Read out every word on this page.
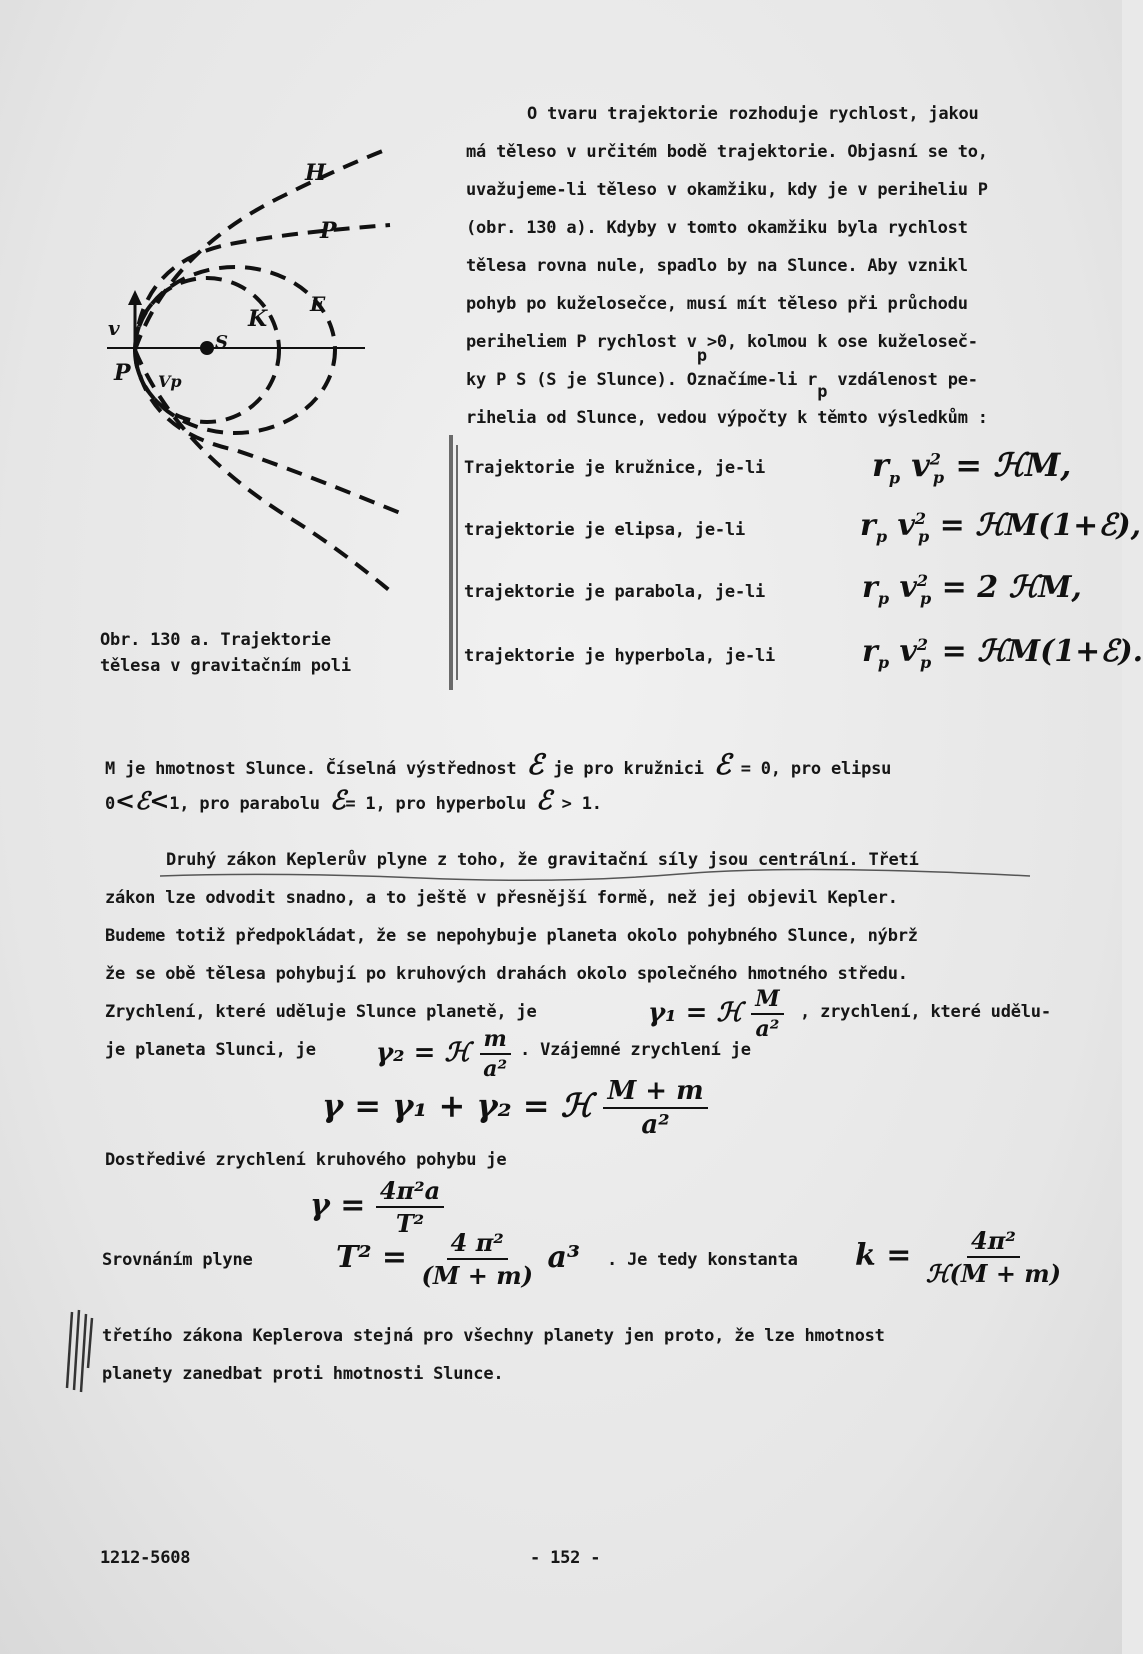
H
P
E
K
S
P
v
Vp
Obr. 130 a. Trajektorie
tělesa v gravitačním poli
O tvaru trajektorie rozhoduje rychlost, jakou
má těleso v určitém bodě trajektorie. Objasní se to,
uvažujeme-li těleso v okamžiku, kdy je v periheliu P
(obr. 130 a). Kdyby v tomto okamžiku byla rychlost
tělesa rovna nule, spadlo by na Slunce. Aby vznikl
pohyb po kuželosečce, musí mít těleso při průchodu
periheliem P rychlost vp>0, kolmou k ose kuželoseč-
ky P S (S je Slunce). Označíme-li rp vzdálenost pe-
rihelia od Slunce, vedou výpočty k těmto výsledkům :
Trajektorie je kružnice, je-li	$r_p$ $v^2_p$ = ℋM,
trajektorie je elipsa, je-li	$r_p$ $v^2_p$ = ℋM(1+ℰ),
trajektorie je parabola, je-li	$r_p$ $v^2_p = 2$ ℋM,
trajektorie je hyperbola, je-li	$r_p$ $v^2_p$ = ℋM(1+ℰ).
M je hmotnost Slunce. Číselná výstřednost ℰ je pro kružnici ℰ = 0, pro elipsu
0<ℰ<1, pro parabolu ℰ= 1, pro hyperbolu ℰ > 1.
Druhý zákon Keplerův plyne z toho, že gravitační síly jsou centrální. Třetí
zákon lze odvodit snadno, a to ještě v přesnější formě, než jej objevil Kepler.
Budeme totiž předpokládat, že se nepohybuje planeta okolo pohybného Slunce, nýbrž
že se obě tělesa pohybují po kruhových drahách okolo společného hmotného středu.
Zrychlení, které uděluje Slunce planetě, je	γ₁ = ℋ $\frac{M}{\text{a²}}$ , zrychlení, které udělu-
je planeta Slunci, je γ₂ = ℋ $\frac{m}{\text{a²}}$ . Vzájemné zrychlení je
γ = γ₁ + γ₂ = ℋ $\frac{M + m}{\text{a²}}$
Dostředivé zrychlení kruhového pohybu je
$\gamma = \frac{\text{4π²a}}{\text{T²}}$
Srovnáním plyne	$T^2 = \frac{\text{4 π²}}{(M + m)} a^3$ . Je tedy konstanta $k = \frac{\text{4π²}}{\text{ℋ(M + m)}}$
třetího zákona Keplerova stejná pro všechny planety jen proto, že lze hmotnost
planety zanedbat proti hmotnosti Slunce.
1212-5608	- 152 -
